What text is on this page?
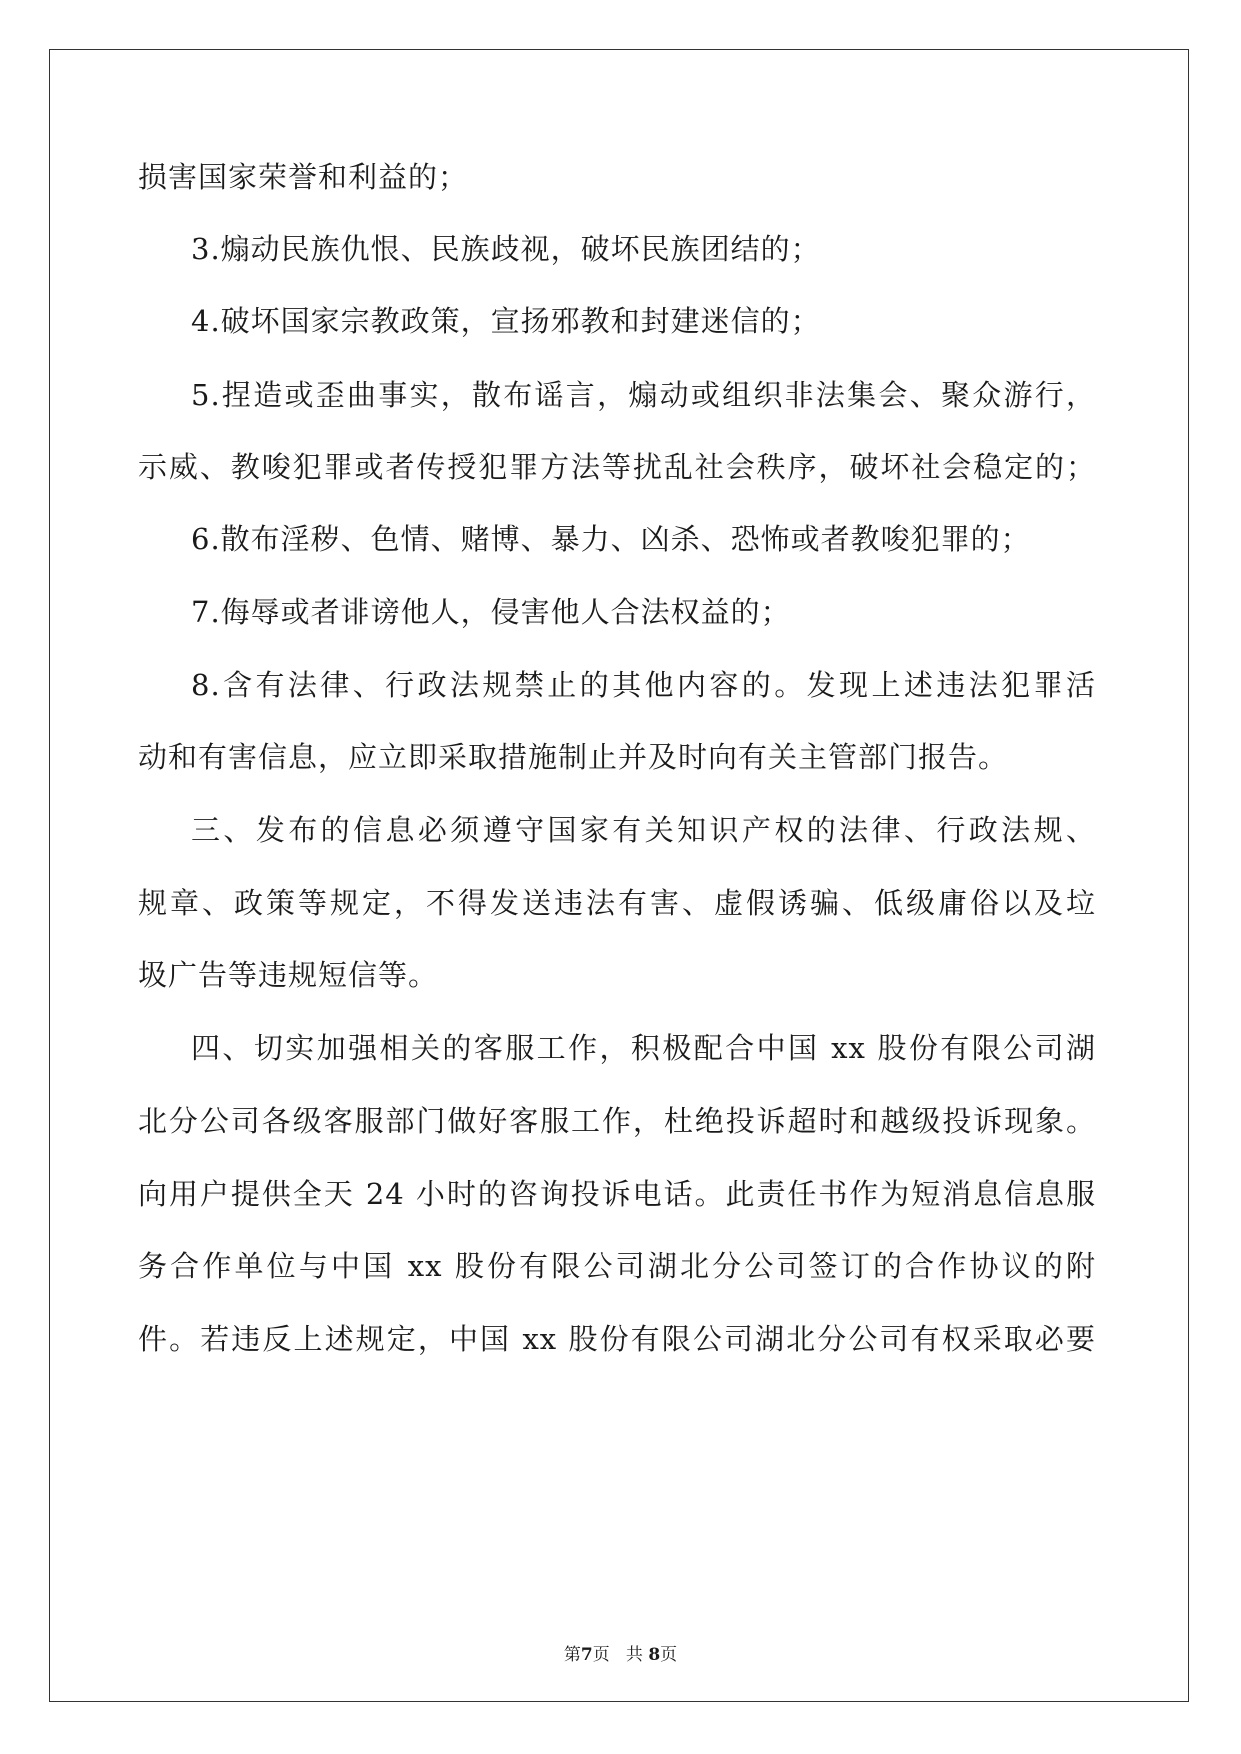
损害国家荣誉和利益的；
3.煽动民族仇恨、民族歧视，破坏民族团结的；
4.破坏国家宗教政策，宣扬邪教和封建迷信的；
5.捏造或歪曲事实，散布谣言，煽动或组织非法集会、聚众游行，
示威、教唆犯罪或者传授犯罪方法等扰乱社会秩序，破坏社会稳定的；
6.散布淫秽、色情、赌博、暴力、凶杀、恐怖或者教唆犯罪的；
7.侮辱或者诽谤他人，侵害他人合法权益的；
8.含有法律、行政法规禁止的其他内容的。发现上述违法犯罪活
动和有害信息，应立即采取措施制止并及时向有关主管部门报告。
三、发布的信息必须遵守国家有关知识产权的法律、行政法规、
规章、政策等规定，不得发送违法有害、虚假诱骗、低级庸俗以及垃
圾广告等违规短信等。
四、切实加强相关的客服工作，积极配合中国 xx 股份有限公司湖
北分公司各级客服部门做好客服工作，杜绝投诉超时和越级投诉现象。
向用户提供全天 24 小时的咨询投诉电话。此责任书作为短消息信息服
务合作单位与中国 xx 股份有限公司湖北分公司签订的合作协议的附
件。若违反上述规定，中国 xx 股份有限公司湖北分公司有权采取必要
第7页 共 8页
